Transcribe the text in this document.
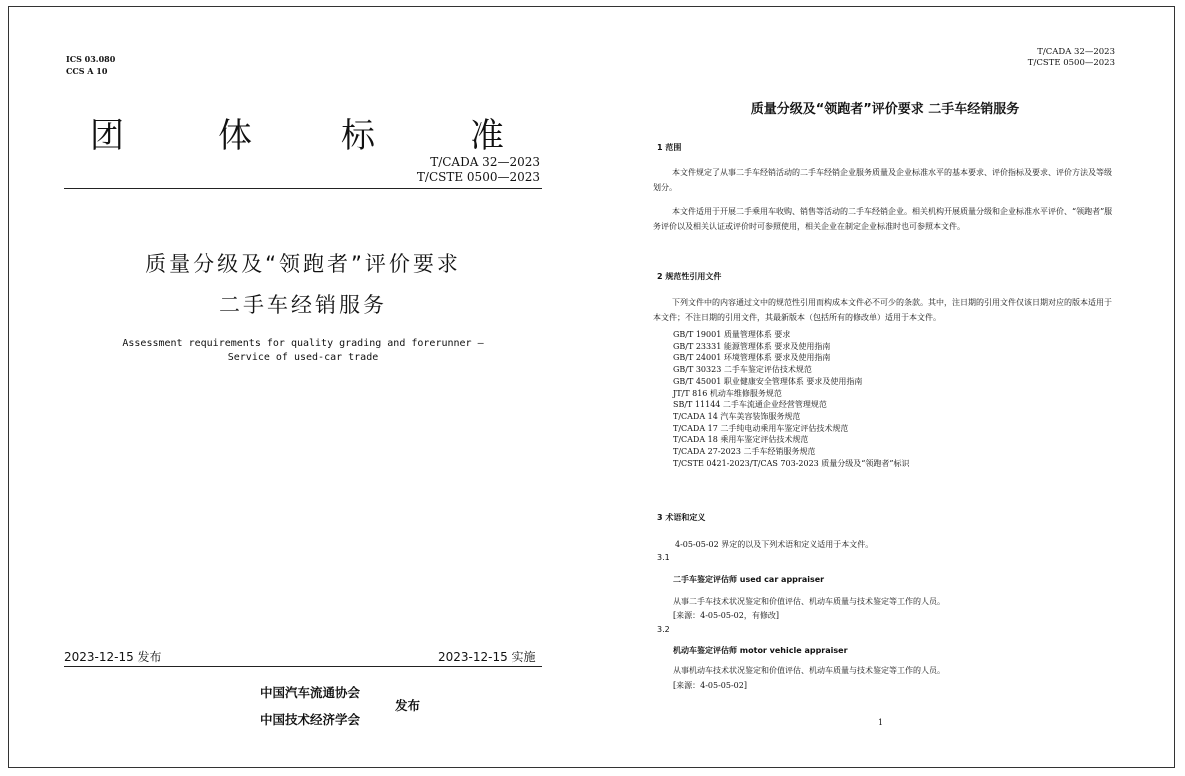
ICS 03.080
CCS A 10
团	体	标	准
T/CADA 32—2023
T/CSTE 0500—2023
质量分级及“领跑者”评价要求
二手车经销服务
Assessment requirements for quality grading and forerunner —
Service of used-car trade
2023-12-15 发布	2023-12-15 实施
中国汽车流通协会
中国技术经济学会
发布
T/CADA 32—2023
T/CSTE 0500—2023
质量分级及“领跑者”评价要求 二手车经销服务
1 范围
本文件规定了从事二手车经销活动的二手车经销企业服务质量及企业标准水平的基本要求、评价指标及要求、评价方法及等级划分。
本文件适用于开展二手乘用车收购、销售等活动的二手车经销企业。相关机构开展质量分级和企业标准水平评价、“领跑者”服务评价以及相关认证或评价时可参照使用，相关企业在制定企业标准时也可参照本文件。
2 规范性引用文件
下列文件中的内容通过文中的规范性引用而构成本文件必不可少的条款。其中，注日期的引用文件仅该日期对应的版本适用于本文件；不注日期的引用文件，其最新版本（包括所有的修改单）适用于本文件。
GB/T 19001 质量管理体系 要求
GB/T 23331 能源管理体系 要求及使用指南
GB/T 24001 环境管理体系 要求及使用指南
GB/T 30323 二手车鉴定评估技术规范
GB/T 45001 职业健康安全管理体系 要求及使用指南
JT/T 816 机动车维修服务规范
SB/T 11144 二手车流通企业经营管理规范
T/CADA 14 汽车美容装饰服务规范
T/CADA 17 二手纯电动乘用车鉴定评估技术规范
T/CADA 18 乘用车鉴定评估技术规范
T/CADA 27-2023 二手车经销服务规范
T/CSTE 0421-2023/T/CAS 703-2023 质量分级及“领跑者”标识
3 术语和定义
4-05-05-02 界定的以及下列术语和定义适用于本文件。
3.1
二手车鉴定评估师 used car appraiser
从事二手车技术状况鉴定和价值评估、机动车质量与技术鉴定等工作的人员。
[来源：4-05-05-02，有修改]
3.2
机动车鉴定评估师 motor vehicle appraiser
从事机动车技术状况鉴定和价值评估、机动车质量与技术鉴定等工作的人员。
[来源：4-05-05-02]
1
